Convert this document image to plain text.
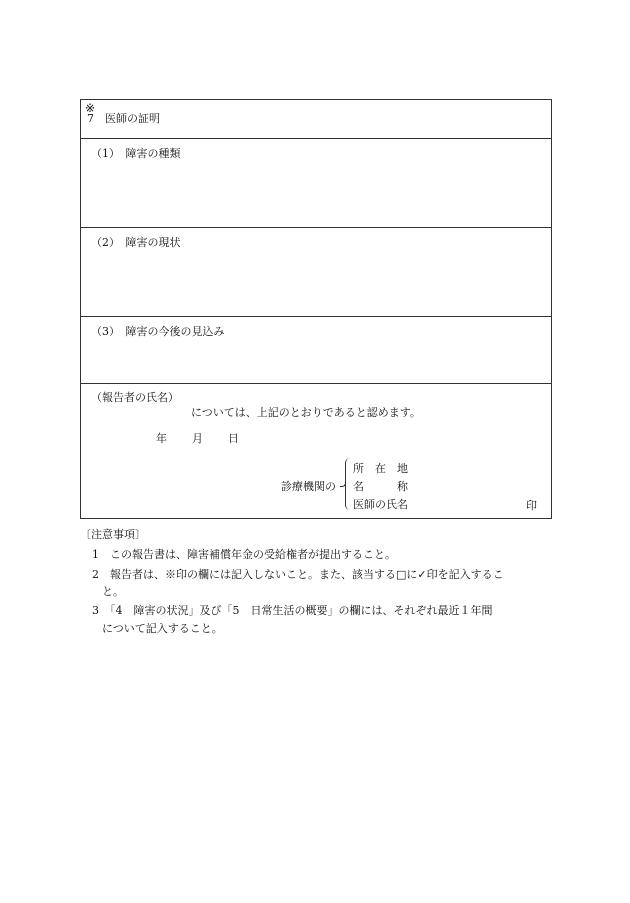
※
7　医師の証明
（1）　障害の種類
（2）　障害の現状
（3）　障害の今後の見込み
（報告者の氏名）
については、上記のとおりであると認めます。
年 月 日
診療機関の
所　在　地
名　　　称
医師の氏名	印
〔注意事項〕
1　この報告書は、障害補償年金の受給権者が提出すること。
2　報告者は、※印の欄には記入しないこと。また、該当する□に✓印を記入するこ
と。
3　「4　障害の状況」及び「5　日常生活の概要」の欄には、それぞれ最近１年間
について記入すること。
